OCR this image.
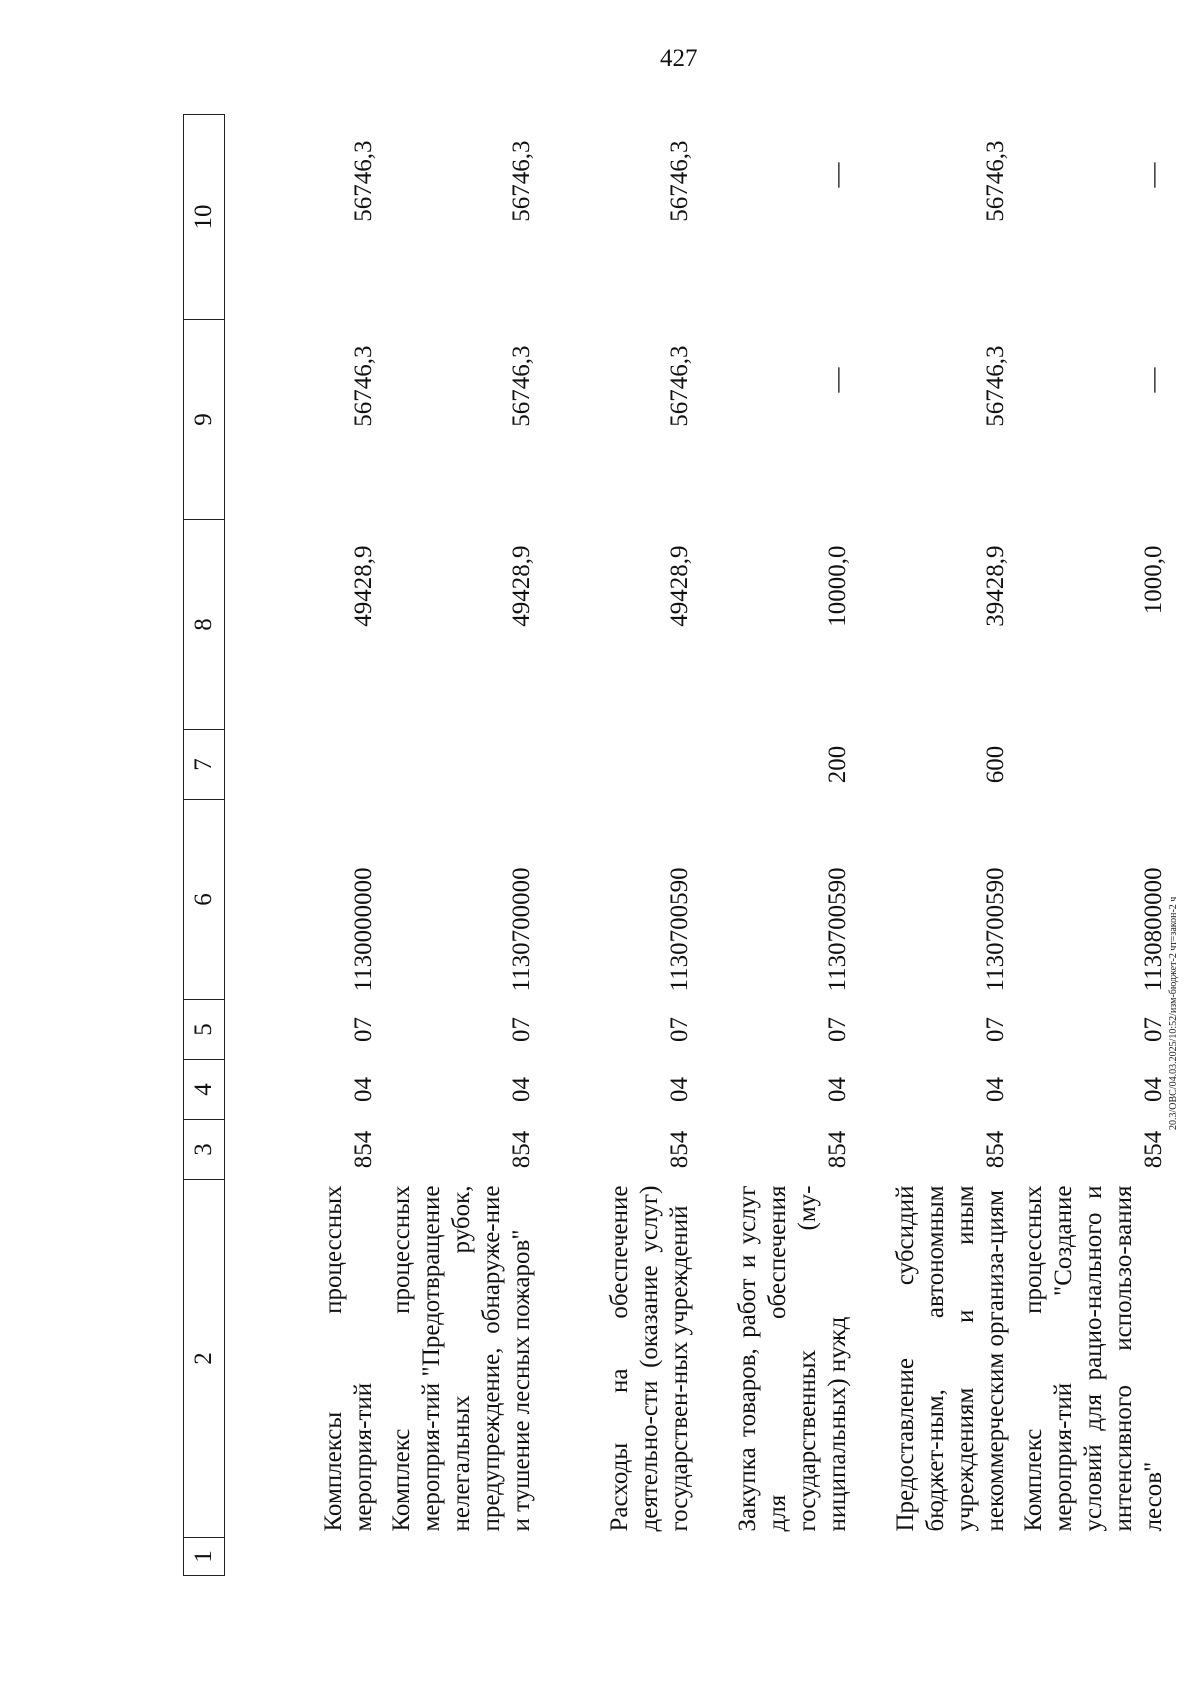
427
20.3/ОВС/04.03.2025/10:52/изм-бюджет-2 чт=закон-2 ч
1	2	3	4	5	6	7	8	9	10
	Комплексы процессных мероприя-тий	854	04	07	1130000000		49428,9	56746,3	56746,3
	Комплекс процессных мероприя-тий "Предотвращение нелегальных рубок, предупреждение, обнаруже-ние и тушение лесных пожаров"	854	04	07	1130700000		49428,9	56746,3	56746,3
	Расходы на обеспечение деятельно-сти (оказание услуг) государствен-ных учреждений	854	04	07	1130700590		49428,9	56746,3	56746,3
	Закупка товаров, работ и услуг для обеспечения государственных (му-ниципальных) нужд	854	04	07	1130700590	200	10000,0	—	—
	Предоставление субсидий бюджет-ным, автономным учреждениям и иным некоммерческим организа-циям	854	04	07	1130700590	600	39428,9	56746,3	56746,3
	Комплекс процессных мероприя-тий "Создание условий для рацио-нального и интенсивного использо-вания лесов"	854	04	07	1130800000		1000,0	—	—
